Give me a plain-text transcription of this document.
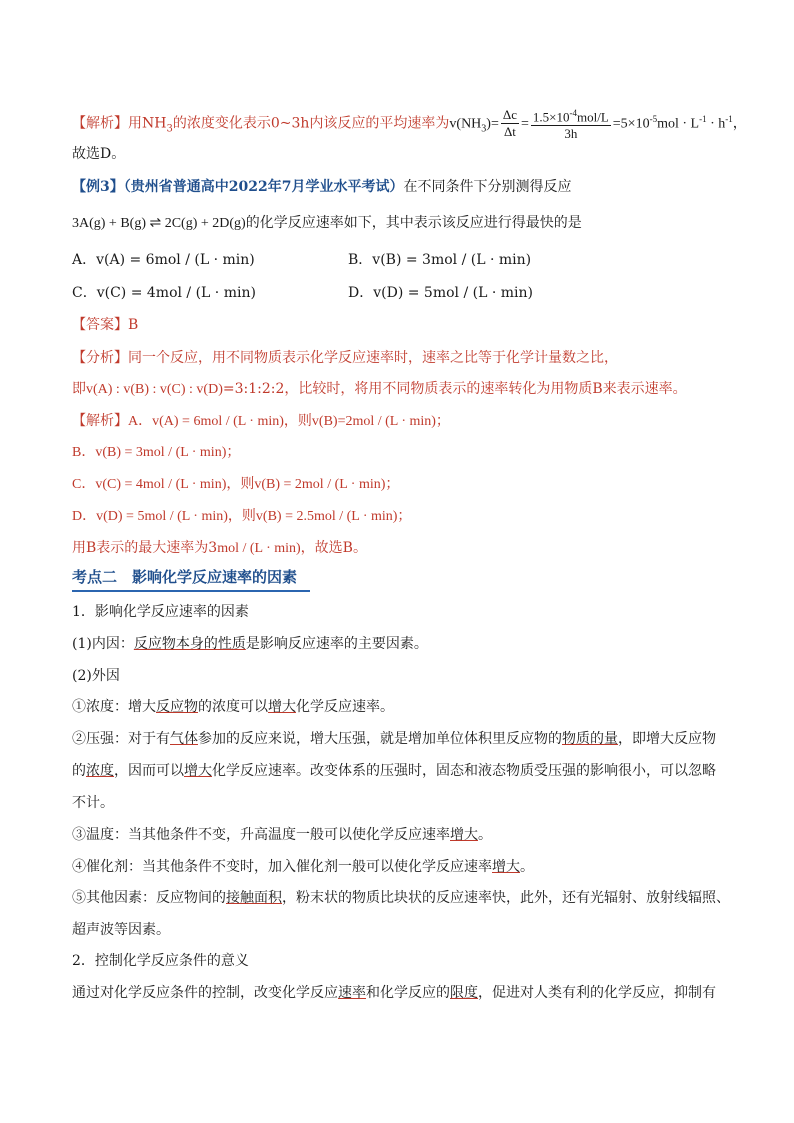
【解析】用$NH_3$的浓度变化表示0~3h内该反应的平均速率为$v(NH_3)= \frac{\Delta c}{\Delta t} = \frac{1.5\times 10^{-4}mol/L}{3h} =5\times 10^{-5}mol \cdot L^{-1} \cdot h^{-1}$，
故选D。
【例3】（贵州省普通高中2022年7月学业水平考试）在不同条件下分别测得反应
3A(g) + B(g) ⇌ 2C(g) + 2D(g)的化学反应速率如下，其中表示该反应进行得最快的是
A．v(A) = 6mol / (L · min)	B．v(B) = 3mol / (L · min)
C．v(C) = 4mol / (L · min)	D．v(D) = 5mol / (L · min)
【答案】B
【分析】同一个反应，用不同物质表示化学反应速率时，速率之比等于化学计量数之比，
即v(A) : v(B) : v(C) : v(D)=3:1:2:2，比较时，将用不同物质表示的速率转化为用物质B来表示速率。
【解析】A．v(A) = 6mol / (L · min)，则v(B)=2mol / (L · min)；
B．v(B) = 3mol / (L · min)；
C．v(C) = 4mol / (L · min)，则v(B) = 2mol / (L · min)；
D．v(D) = 5mol / (L · min)，则v(B) = 2.5mol / (L · min)；
用B表示的最大速率为3mol / (L · min)，故选B。
考点二　影响化学反应速率的因素
1．影响化学反应速率的因素
(1)内因：反应物本身的性质是影响反应速率的主要因素。
(2)外因
①浓度：增大反应物的浓度可以增大化学反应速率。
②压强：对于有气体参加的反应来说，增大压强，就是增加单位体积里反应物的物质的量，即增大反应物
的浓度，因而可以增大化学反应速率。改变体系的压强时，固态和液态物质受压强的影响很小，可以忽略
不计。
③温度：当其他条件不变，升高温度一般可以使化学反应速率增大。
④催化剂：当其他条件不变时，加入催化剂一般可以使化学反应速率增大。
⑤其他因素：反应物间的接触面积，粉末状的物质比块状的反应速率快，此外，还有光辐射、放射线辐照、
超声波等因素。
2．控制化学反应条件的意义
通过对化学反应条件的控制，改变化学反应速率和化学反应的限度，促进对人类有利的化学反应，抑制有
